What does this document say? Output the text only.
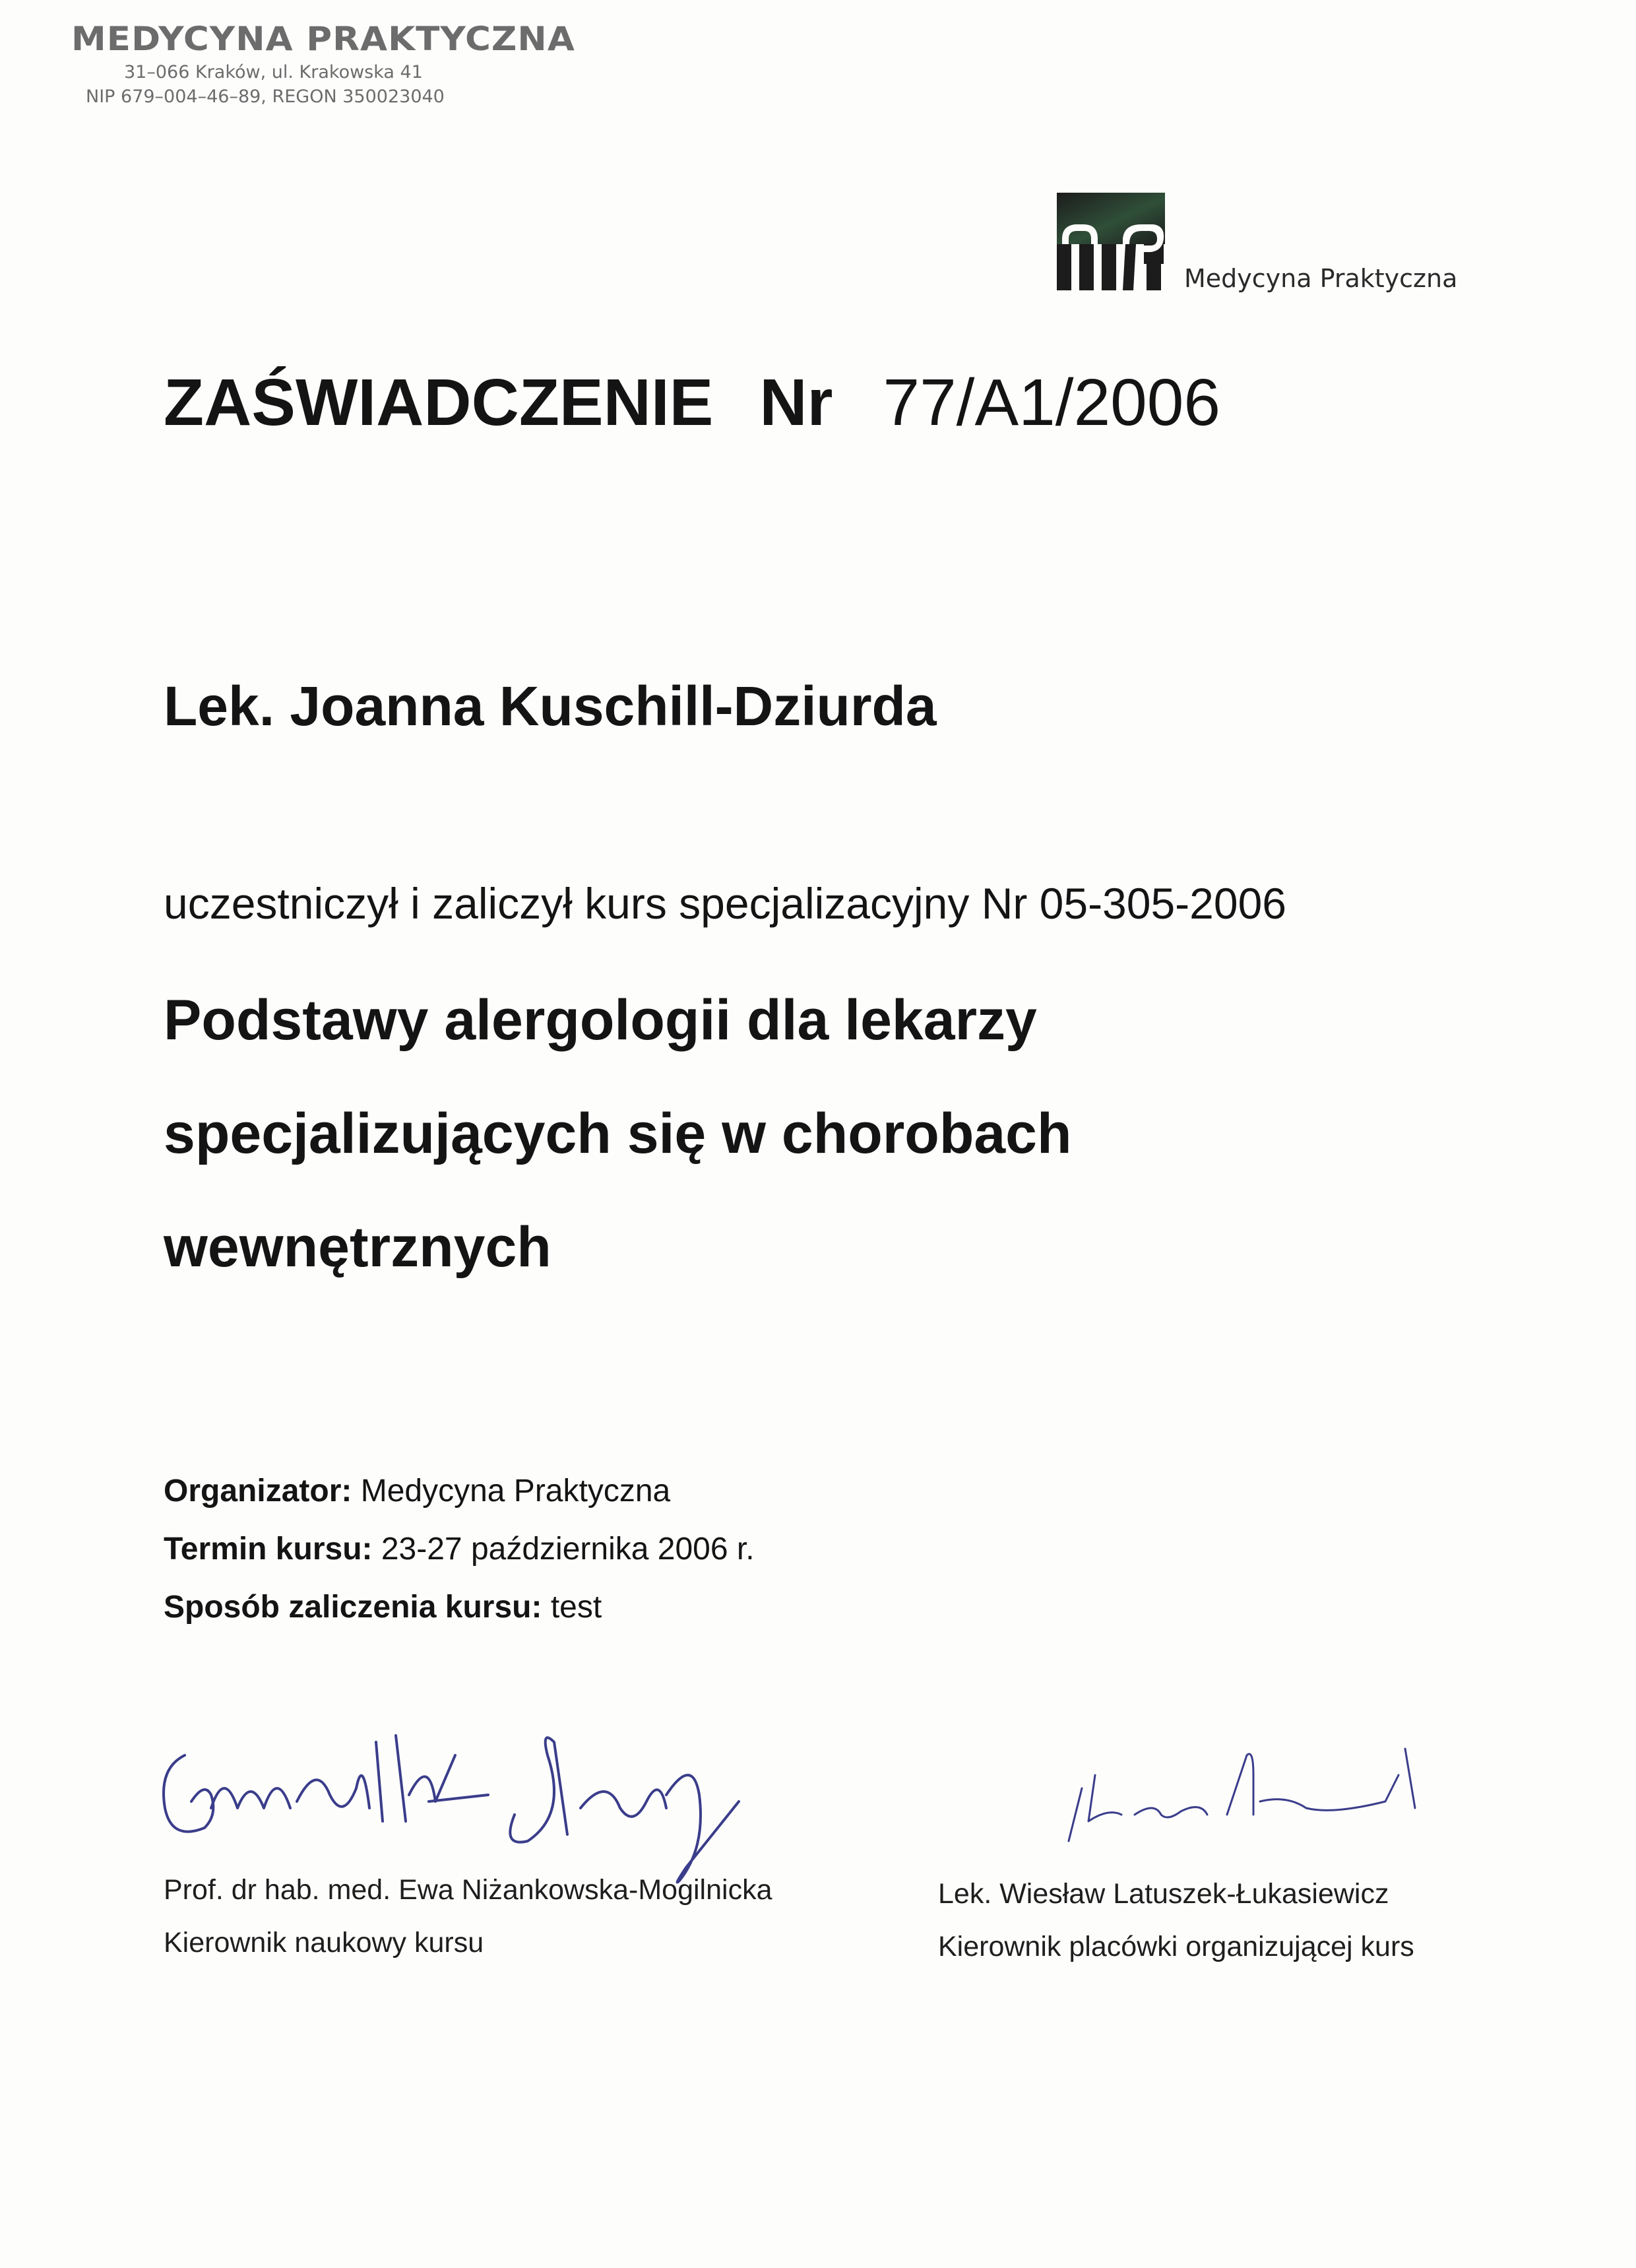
MEDYCYNA PRAKTYCZNA
31–066 Kraków, ul. Krakowska 41
NIP 679–004–46–89, REGON 350023040
Medycyna Praktyczna
ZAŚWIADCZENIE Nr 77/A1/2006
Lek. Joanna Kuschill-Dziurda
uczestniczył i zaliczył kurs specjalizacyjny Nr 05-305-2006
Podstawy alergologii dla lekarzy
specjalizujących się w chorobach
wewnętrznych
Organizator: Medycyna Praktyczna
Termin kursu: 23-27 października 2006 r.
Sposób zaliczenia kursu: test
Prof. dr hab. med. Ewa Niżankowska-Mogilnicka
Kierownik naukowy kursu
Lek. Wiesław Latuszek-Łukasiewicz
Kierownik placówki organizującej kurs
